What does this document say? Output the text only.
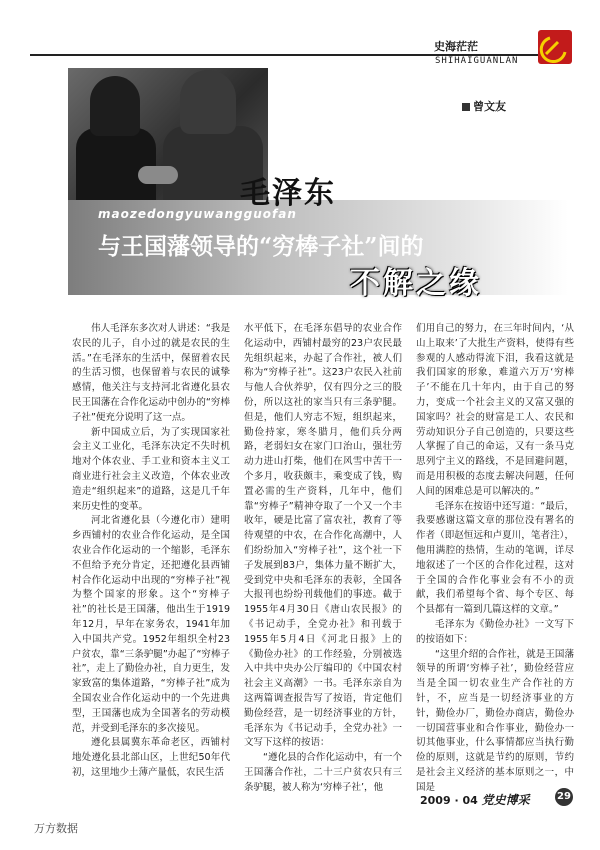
史海茫茫
SHIHAIGUANLAN
曾文友
毛泽东
maozedongyuwangguofan
与王国藩领导的“穷棒子社”间的
不解之缘

伟人毛泽东多次对人讲述：“我是农民的儿子，自小过的就是农民的生活。”在毛泽东的生活中，保留着农民的生活习惯，也保留着与农民的诚挚感情，他关注与支持河北省遵化县农民王国藩在合作化运动中创办的“穷棒子社”便充分说明了这一点。

新中国成立后，为了实现国家社会主义工业化，毛泽东决定不失时机地对个体农业、手工业和资本主义工商业进行社会主义改造，个体农业改造走“组织起来”的道路，这是几千年来历史性的变革。

河北省遵化县（今遵化市）建明乡西铺村的农业合作化运动，是全国农业合作化运动的一个缩影，毛泽东不但给予充分肯定，还把遵化县西铺村合作化运动中出现的“穷棒子社”视为整个国家的形象。这个“穷棒子社”的社长是王国藩，他出生于1919年12月，早年在家务农，1941年加入中国共产党。1952年组织全村23户贫农，靠“三条驴腿”办起了“穷棒子社”，走上了勤俭办社，自力更生，发家致富的集体道路，“穷棒子社”成为全国农业合作化运动中的一个先进典型，王国藩也成为全国著名的劳动模范，并受到毛泽东的多次接见。

遵化县属冀东革命老区，西铺村地处遵化县北部山区，上世纪50年代初，这里地少土薄产量低，农民生活

水平低下，在毛泽东倡导的农业合作化运动中，西铺村最穷的23户农民最先组织起来，办起了合作社，被人们称为“穷棒子社”。这23户农民入社前与他人合伙养驴，仅有四分之三的股份，所以这社的家当只有三条驴腿。但是，他们人穷志不短，组织起来，勤俭持家，寒冬腊月，他们兵分两路，老弱妇女在家门口治山，强壮劳动力进山打柴，他们在风雪中苦干一个多月，收获颇丰，乘变成了钱，购置必需的生产资料，几年中，他们靠“穷棒子”精神夺取了一个又一个丰收年，硬是比富了富农社，教育了等待观望的中农，在合作化高潮中，人们纷纷加入“穷棒子社”，这个社一下子发展到83户，集体力量不断扩大，受到党中央和毛泽东的表彰，全国各大报刊也纷纷刊载他们的事迹。截于1955年4月30日《唐山农民报》的《书记动手，全党办社》和刊载于1955年5月4日《河北日报》上的《勤俭办社》的工作经验，分别被选入中共中央办公厅编印的《中国农村社会主义高潮》一书。毛泽东亲自为这两篇调查报告写了按语，肯定他们勤俭经营，是一切经济事业的方针，毛泽东为《书记动手，全党办社》一文写下这样的按语：

“遵化县的合作化运动中，有一个王国藩合作社，二十三户贫农只有三条驴腿，被人称为‘穷棒子社’，他

们用自己的努力，在三年时间内，‘从山上取来’了大批生产资料，使得有些参观的人感动得流下泪，我看这就是我们国家的形象，难道六万万‘穷棒子’不能在几十年内，由于自己的努力，变成一个社会主义的又富又强的国家吗？社会的财富是工人、农民和劳动知识分子自己创造的，只要这些人掌握了自己的命运，又有一条马克思列宁主义的路线，不是回避问题，而是用积极的态度去解决问题，任何人间的困难总是可以解决的。”

毛泽东在按语中还写道：“最后，我要感谢这篇文章的那位没有署名的作者（即赵恒远和卢夏川，笔者注），他用满腔的热情，生动的笔调，详尽地叙述了一个区的合作化过程，这对于全国的合作化事业会有不小的贡献，我们希望每个省、每个专区、每个县都有一篇到几篇这样的文章。”

毛泽东为《勤俭办社》一文写下的按语如下：

“这里介绍的合作社，就是王国藩领导的所谓‘穷棒子社’，勤俭经营应当是全国一切农业生产合作社的方针，不，应当是一切经济事业的方针，勤俭办厂，勤俭办商店，勤俭办一切国营事业和合作事业，勤俭办一切其他事业，什么事情都应当执行勤俭的原则，这就是节约的原则，节约是社会主义经济的基本原则之一，中国是

2009 · 04 党史博采	29
万方数据
